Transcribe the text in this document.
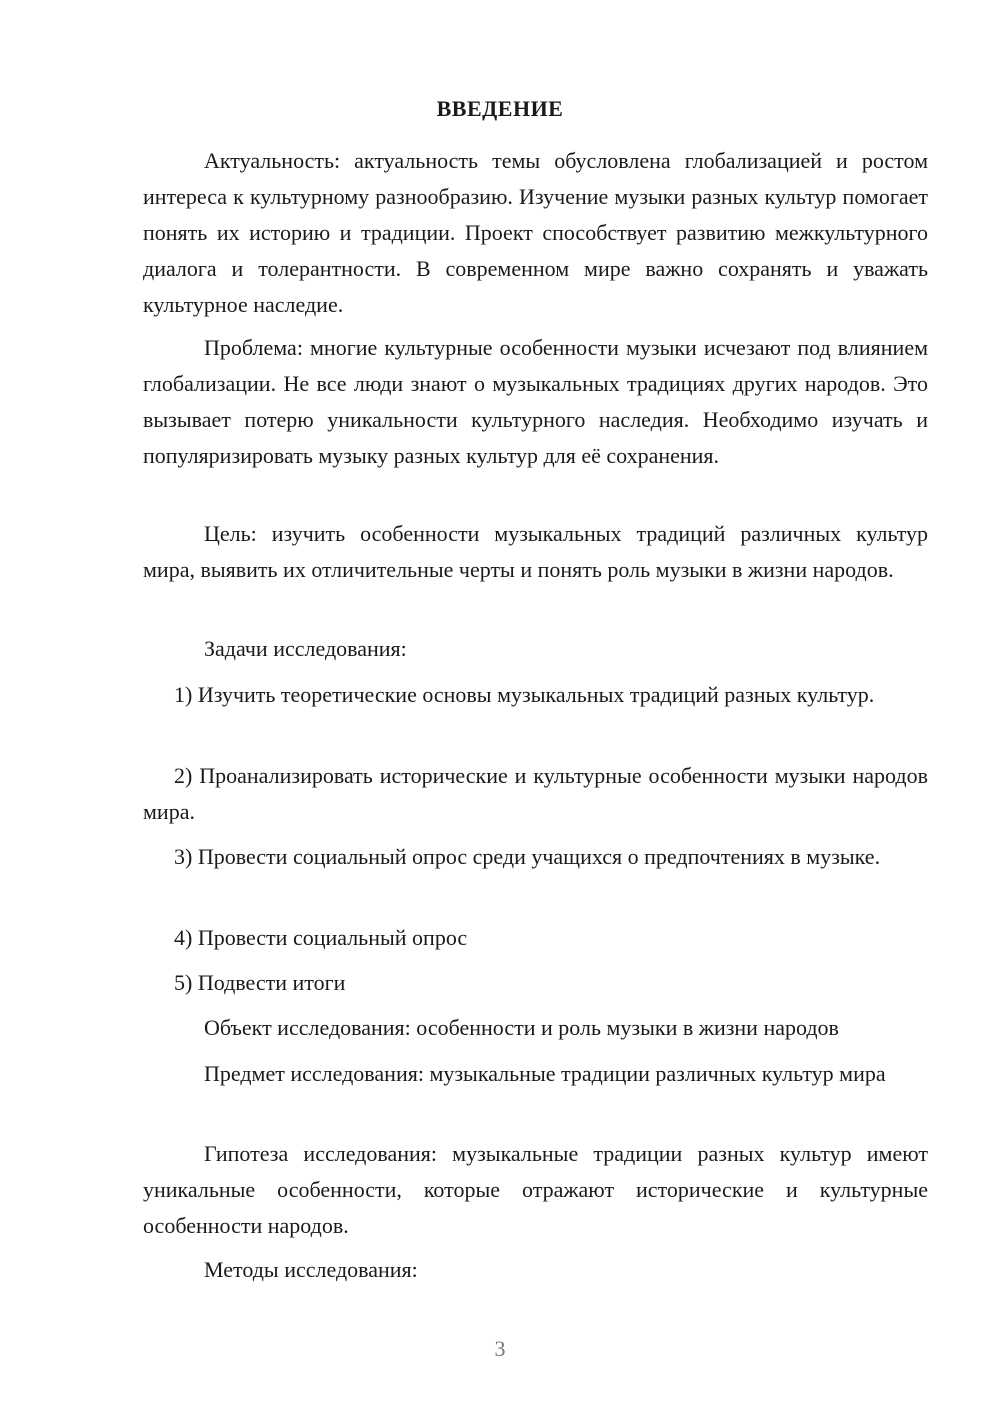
ВВЕДЕНИЕ
Актуальность: актуальность темы обусловлена глобализацией и ростом интереса к культурному разнообразию. Изучение музыки разных культур помогает понять их историю и традиции. Проект способствует развитию межкультурного диалога и толерантности. В современном мире важно сохранять и уважать культурное наследие.
Проблема: многие культурные особенности музыки исчезают под влиянием глобализации. Не все люди знают о музыкальных традициях других народов. Это вызывает потерю уникальности культурного наследия. Необходимо изучать и популяризировать музыку разных культур для её сохранения.
Цель: изучить особенности музыкальных традиций различных культур мира, выявить их отличительные черты и понять роль музыки в жизни народов.
Задачи исследования:
1) Изучить теоретические основы музыкальных традиций разных культур.
2) Проанализировать исторические и культурные особенности музыки народов мира.
3) Провести социальный опрос среди учащихся о предпочтениях в музыке.
4) Провести социальный опрос
5) Подвести итоги
Объект исследования: особенности и роль музыки в жизни народов
Предмет исследования: музыкальные традиции различных культур мира
Гипотеза исследования: музыкальные традиции разных культур имеют уникальные особенности, которые отражают исторические и культурные особенности народов.
Методы исследования:
3
